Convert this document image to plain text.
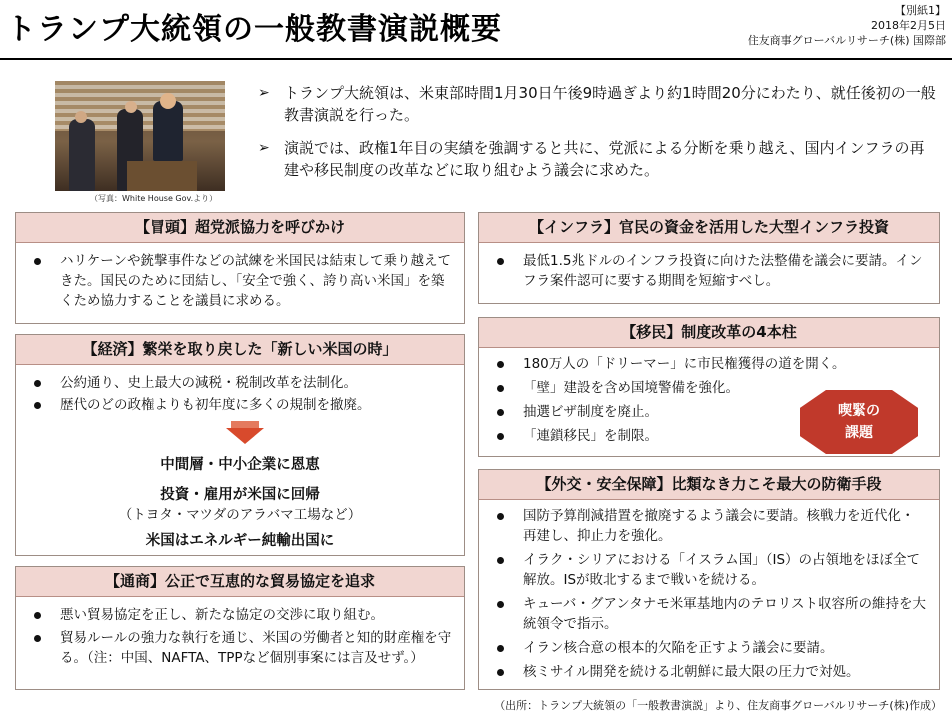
トランプ大統領の一般教書演説概要
【別紙1】
2018年2月5日
住友商事グローバルリサーチ(株) 国際部
（写真：White House Gov.より）
➢ トランプ大統領は、米東部時間1月30日午後9時過ぎより約1時間20分にわたり、就任後初の一般教書演説を行った。
➢ 演説では、政権1年目の実績を強調すると共に、党派による分断を乗り越え、国内インフラの再建や移民制度の改革などに取り組むよう議会に求めた。
【冒頭】超党派協力を呼びかけ
ハリケーンや銃撃事件などの試練を米国民は結束して乗り越えてきた。国民のために団結し、「安全で強く、誇り高い米国」を築くため協力することを議員に求める。
【経済】繁栄を取り戻した「新しい米国の時」
公約通り、史上最大の減税・税制改革を法制化。
歴代のどの政権よりも初年度に多くの規制を撤廃。
中間層・中小企業に恩恵
投資・雇用が米国に回帰
（トヨタ・マツダのアラバマ工場など）
米国はエネルギー純輸出国に
【通商】公正で互恵的な貿易協定を追求
悪い貿易協定を正し、新たな協定の交渉に取り組む。
貿易ルールの強力な執行を通じ、米国の労働者と知的財産権を守る。（注：中国、NAFTA、TPPなど個別事案には言及せず。）
【インフラ】官民の資金を活用した大型インフラ投資
最低1.5兆ドルのインフラ投資に向けた法整備を議会に要請。インフラ案件認可に要する期間を短縮すべし。
【移民】制度改革の4本柱
180万人の「ドリーマー」に市民権獲得の道を開く。
「壁」建設を含め国境警備を強化。
抽選ビザ制度を廃止。
「連鎖移民」を制限。
喫緊の
課題
【外交・安全保障】比類なき力こそ最大の防衛手段
国防予算削減措置を撤廃するよう議会に要請。核戦力を近代化・再建し、抑止力を強化。
イラク・シリアにおける「イスラム国」（IS）の占領地をほぼ全て解放。ISが敗北するまで戦いを続ける。
キューバ・グアンタナモ米軍基地内のテロリスト収容所の維持を大統領令で指示。
イラン核合意の根本的欠陥を正すよう議会に要請。
核ミサイル開発を続ける北朝鮮に最大限の圧力で対処。
（出所：トランプ大統領の「一般教書演説」より、住友商事グローバルリサーチ(株)作成）
